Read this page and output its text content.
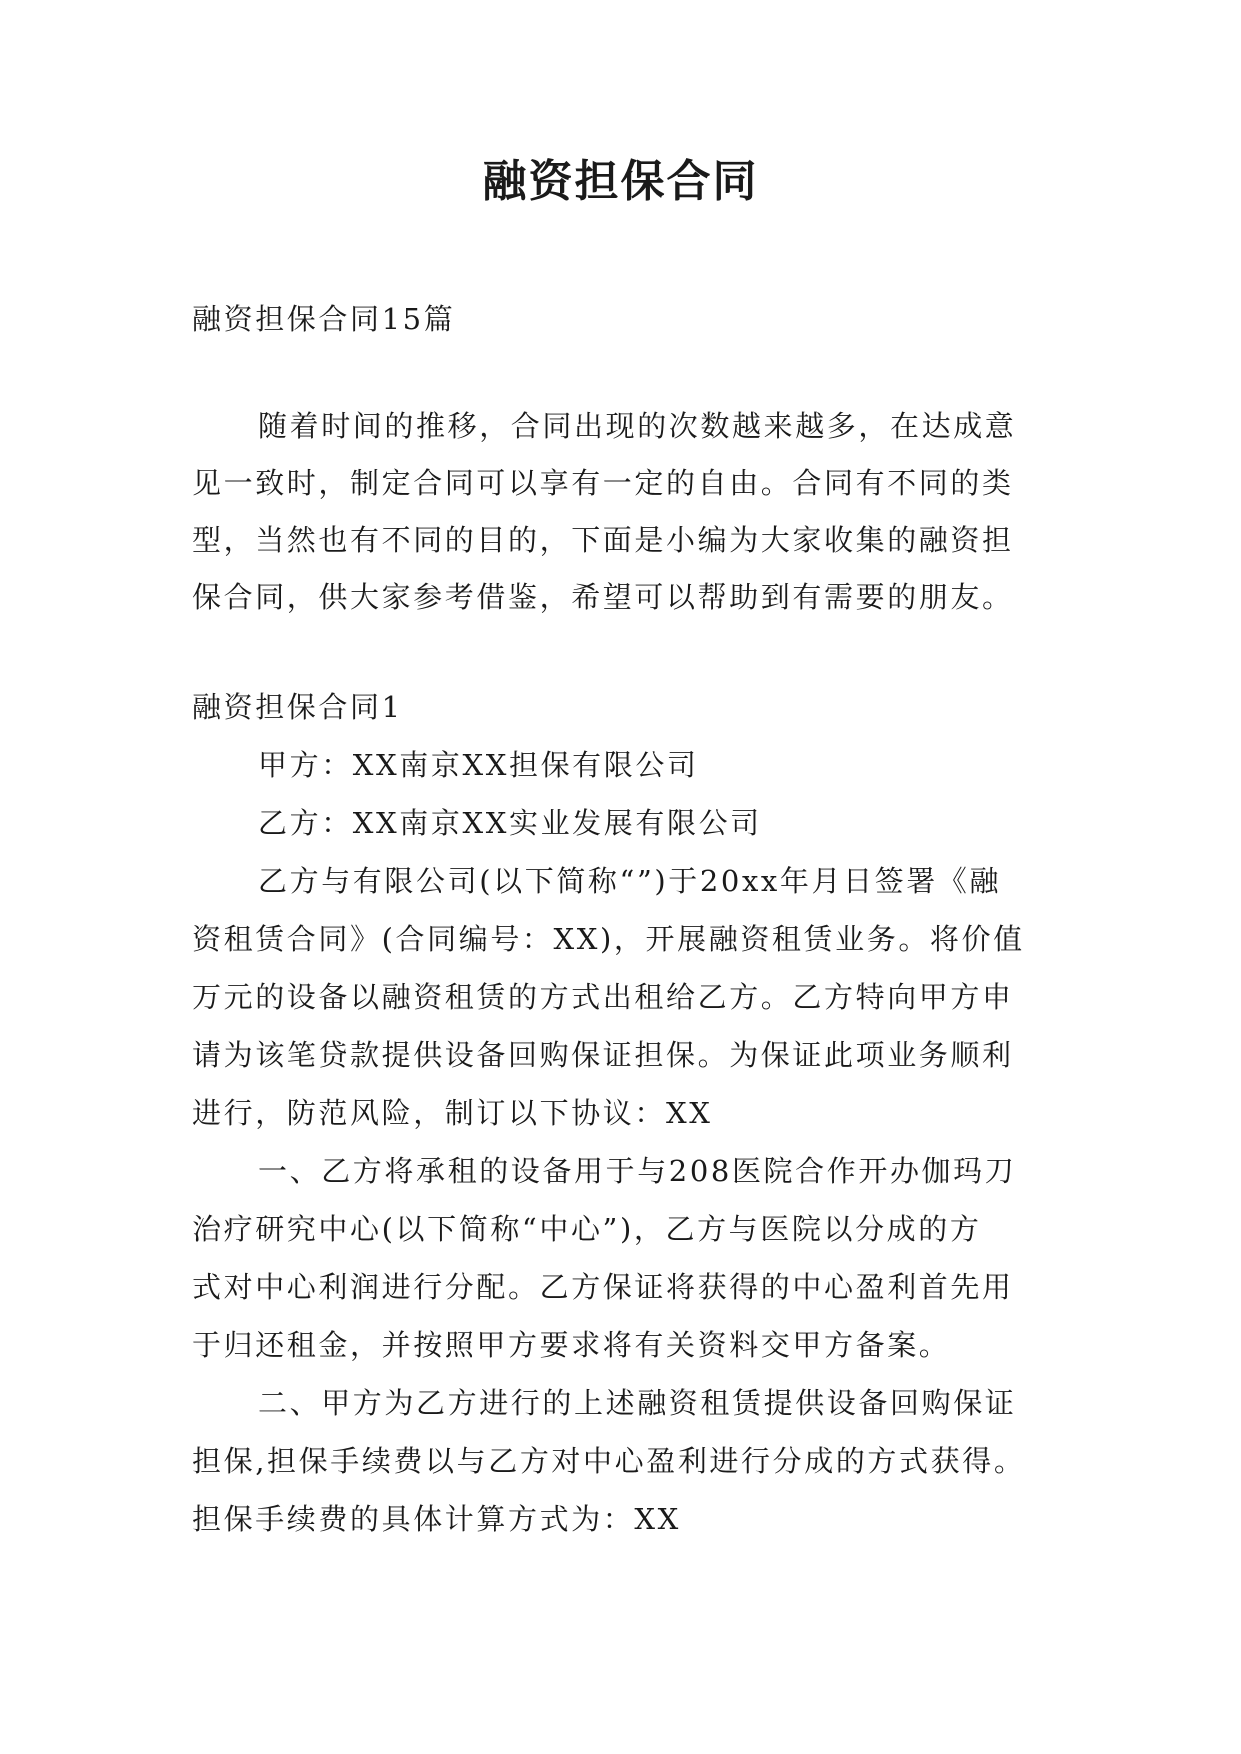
融资担保合同

融资担保合同15篇

随着时间的推移，合同出现的次数越来越多，在达成意

见一致时，制定合同可以享有一定的自由。合同有不同的类

型，当然也有不同的目的，下面是小编为大家收集的融资担

保合同，供大家参考借鉴，希望可以帮助到有需要的朋友。

融资担保合同1

甲方：XX南京XX担保有限公司

乙方：XX南京XX实业发展有限公司

乙方与有限公司(以下简称“”)于20xx年月日签署《融

资租赁合同》(合同编号：XX)，开展融资租赁业务。将价值

万元的设备以融资租赁的方式出租给乙方。乙方特向甲方申

请为该笔贷款提供设备回购保证担保。为保证此项业务顺利

进行，防范风险，制订以下协议：XX

一、乙方将承租的设备用于与208医院合作开办伽玛刀

治疗研究中心(以下简称“中心”)，乙方与医院以分成的方

式对中心利润进行分配。乙方保证将获得的中心盈利首先用

于归还租金，并按照甲方要求将有关资料交甲方备案。

二、甲方为乙方进行的上述融资租赁提供设备回购保证

担保,担保手续费以与乙方对中心盈利进行分成的方式获得。

担保手续费的具体计算方式为：XX
